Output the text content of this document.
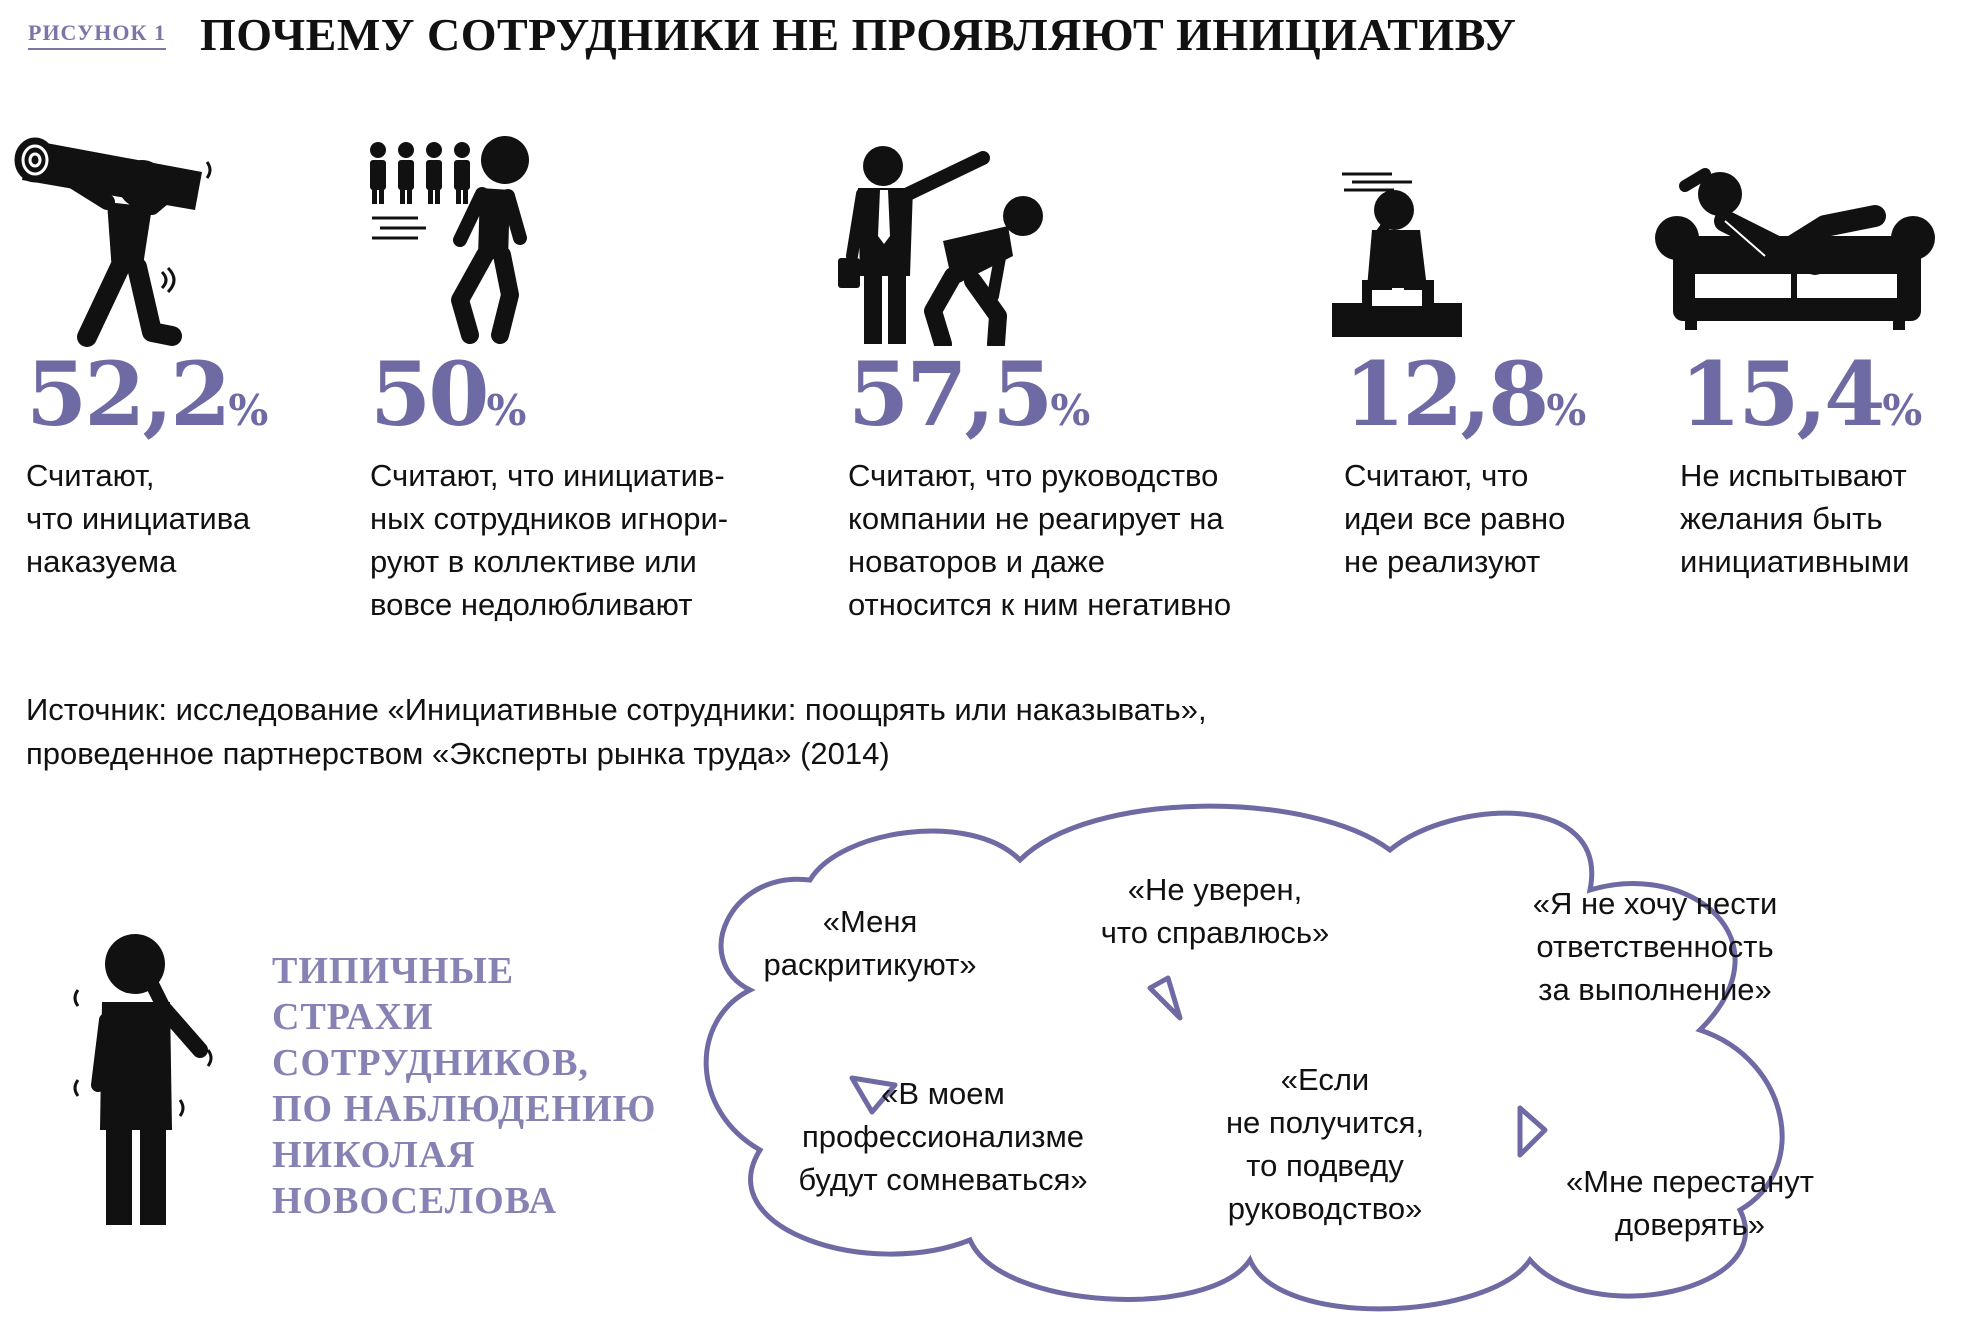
РИСУНОК 1 ПОЧЕМУ СОТРУДНИКИ НЕ ПРОЯВЛЯЮТ ИНИЦИАТИВУ
52,2%
Считают,
что инициатива
наказуема
50%
Считают, что инициатив-
ных сотрудников игнори-
руют в коллективе или
вовсе недолюбливают
57,5%
Считают, что руководство
компании не реагирует на
новаторов и даже
относится к ним негативно
12,8%
Считают, что
идеи все равно
не реализуют
15,4%
Не испытывают
желания быть
инициативными
Источник: исследование «Инициативные сотрудники: поощрять или наказывать»,
проведенное партнерством «Эксперты рынка труда» (2014)
ТИПИЧНЫЕ
СТРАХИ
СОТРУДНИКОВ,
ПО НАБЛЮДЕНИЮ
НИКОЛАЯ
НОВОСЕЛОВА
«Меня
раскритикуют»
«Не уверен,
что справлюсь»
«Я не хочу нести
ответственность
за выполнение»
«В моем
профессионализме
будут сомневаться»
«Если
не получится,
то подведу
руководство»
«Мне перестанут
доверять»
